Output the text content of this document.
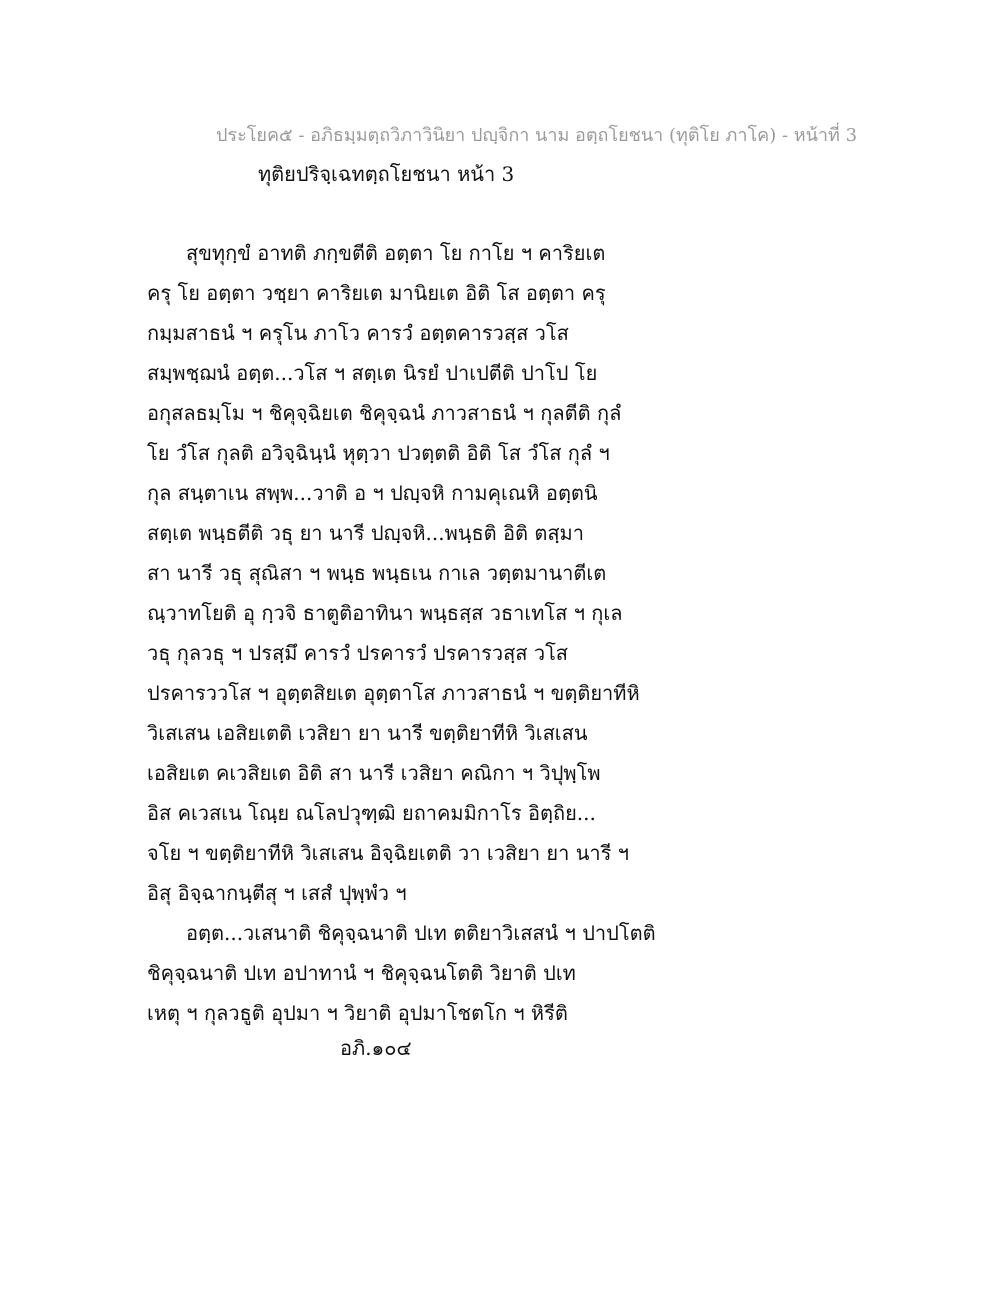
ประโยค๕ - อภิธมฺมตฺถวิภาวินิยา ปญฺจิกา นาม อตฺถโยชนา (ทุติโย ภาโค) - หน้าที่ 3
ทุติยปริจฺเฉทตฺถโยชนา หน้า 3
สุขทุกฺขํ อาทติ ภกฺขตีติ อตฺตา โย กาโย ฯ คาริยเต
ครุ โย อตฺตา วชฺยา คาริยเต มานิยเต อิติ โส อตฺตา ครุ
กมฺมสาธนํ ฯ ครุโน ภาโว คารวํ อตฺตคารวสฺส วโส
สมฺพชฺฌนํ อตฺต...วโส ฯ สตฺเต นิรยํ ปาเปตีติ ปาโป โย
อกุสลธมฺโม ฯ ชิคุจฺฉิยเต ชิคุจฺฉนํ ภาวสาธนํ ฯ กุลตีติ กุลํ
โย วํโส กุลติ อวิจฺฉินฺนํ หุตฺวา ปวตฺตติ อิติ โส วํโส กุลํ ฯ
กุล สนฺตาเน สพฺพ...วาติ อ ฯ ปญฺจหิ กามคุเณหิ อตฺตนิ
สตฺเต พนฺธตีติ วธุ ยา นารี ปญฺจหิ...พนฺธติ อิติ ตสฺมา
สา นารี วธุ สุณิสา ฯ พนฺธ พนฺธเน กาเล วตฺตมานาตีเต
ณฺวาทโยติ อุ กฺวจิ ธาตูติอาทินา พนฺธสฺส วธาเทโส ฯ กุเล
วธุ กุลวธุ ฯ ปรสฺมึ คารวํ ปรคารวํ ปรคารวสฺส วโส
ปรคารววโส ฯ อุตฺตสิยเต อุตฺตาโส ภาวสาธนํ ฯ ขตฺติยาทีหิ
วิเสเสน เอสิยเตติ เวสิยา ยา นารี ขตฺติยาทีหิ วิเสเสน
เอสิยเต คเวสิยเต อิติ สา นารี เวสิยา คณิกา ฯ วิปุพฺโพ
อิส คเวสเน โณฺย ณโลปวุฑฺฒิ ยถาคมมิกาโร อิตฺถิย...
จโย ฯ ขตฺติยาทีหิ วิเสเสน อิจฺฉิยเตติ วา เวสิยา ยา นารี ฯ
อิสุ อิจฺฉากนฺตีสุ ฯ เสสํ ปุพฺพํว ฯ
อตฺต...วเสนาติ ชิคุจฺฉนาติ ปเท ตติยาวิเสสนํ ฯ ปาปโตติ
ชิคุจฺฉนาติ ปเท อปาทานํ ฯ ชิคุจฺฉนโตติ วิยาติ ปเท
เหตุ ฯ กุลวธูติ อุปมา ฯ วิยาติ อุปมาโชตโก ฯ หิรีติ
อภิ.๑๐๔
